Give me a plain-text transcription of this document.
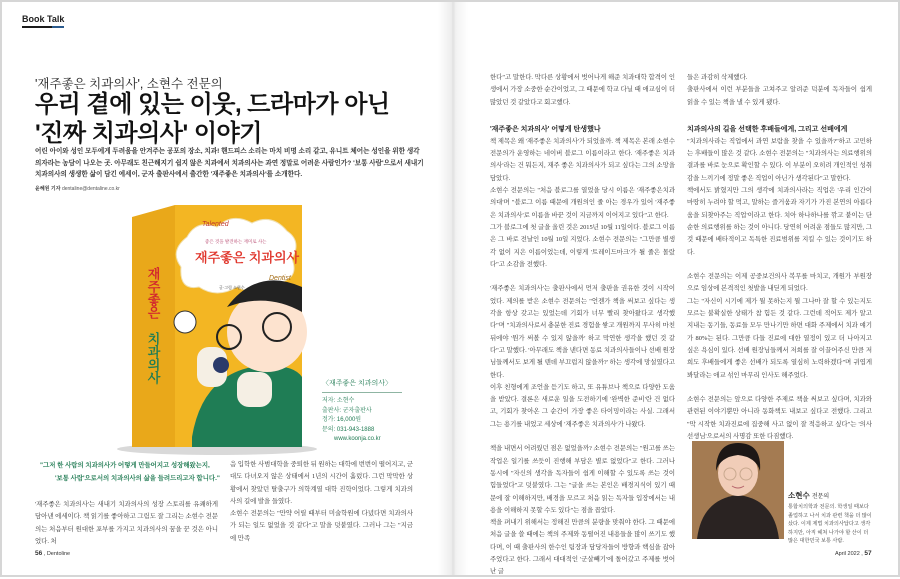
Book Talk
'재주좋은 치과의사', 소현수 전문의
우리 곁에 있는 이웃, 드라마가 아닌
'진짜 치과의사' 이야기
어린 아이와 성인 모두에게 두려움을 안겨주는 공포의 장소, 치과! 핸드피스 소리는 마치 비명 소리 같고, 유니트 체어는 성인을 위한 생각 의자라는 농담이 나오는 곳. 아무래도 친근해지기 쉽지 않은 치과에서 치과의사는 과연 정말로 어려운 사람인가? '보통 사람'으로서 새내기 치과의사의 생생한 삶이 담긴 에세이, 군자 출판사에서 출간한 '재주좋은 치과의사'를 소개한다.
윤혜원 기자 dentaline@dentaline.co.kr
재주좋은
치과의사
Talented
좋은 것을 발견하는 재미로 사는
재주좋은 치과의사
Dentist
글·그림 소현수
〈재주좋은 치과의사〉
저자: 소현수
출판사: 군자출판사
정가: 16,000원
문의: 031-943-1888
www.koonja.co.kr
"그저 한 사람의 치과의사가 어떻게 만들어지고 성장해왔는지,
'보통 사람'으로서의 치과의사의 삶을 들려드리고자 합니다."

'재주좋은 치과의사'는 새내기 치과의사의 성장 스토리를 유쾌하게 담아낸 에세이다. 책 읽기를 좋아하고 그림도 잘 그리는 소현수 전문의는 처음부터 원대한 포부를 가지고 치과의사의 꿈을 꾼 것은 아니었다. 처

음 입학한 사범대학을 중퇴한 뒤 원하는 대학에 번번이 떨어지고, 군대도 다녀오지 않은 상태에서 1년의 시간이 흘렀다. 그런 막막한 상황에서 찾았던 탈출구가 의학계열 대학 진학이었다. 그렇게 치과의사의 길에 발을 들였다.

소현수 전문의는 "만약 어릴 때부터 미술학원에 다녔다면 치과의사가 되는 일도 없었을 것 같다"고 말을 덧붙였다. 그러나 그는 "지금에 만족

56 , Dentoline

한다"고 말한다. 막다른 상황에서 벗어나게 해준 치과대학 합격이 인생에서 가장 소중한 순간이었고, 그 때문에 학교 다닐 때 애교심이 더 많았던 것 같았다고 회고했다.

'재주좋은 치과의사' 어떻게 탄생했나

책 제목은 왜 '재주좋은 치과의사'가 되었을까. 책 제목은 본래 소현수 전문의가 운영하는 네이버 블로그 이름이라고 한다. '재주좋은 치과의사'라는 건 뭐든지, 재주 좋은 치과의사가 되고 싶다는 그의 소망을 담았다.

소현수 전문의는 "처음 블로그를 열었을 당시 이름은 '재주좋은치과의대'며 "블로그 이름 때문에 개원의인 줄 아는 경우가 있어 '재주좋은 치과의사'로 이름을 바꾼 것이 지금까지 이어지고 있다"고 한다.

그가 블로그에 첫 글을 올린 것은 2015년 10월 11일이다. 블로그 이름은 그 바로 전날인 10월 10일 지었다. 소현수 전문의는 "그만큼 별생각 없이 지은 이름이었는데, 이렇게 '트레이드마크'가 될 줄은 몰랐다"고 소감을 전했다.

'재주좋은 치과의사'는 출판사에서 먼저 출판을 권유한 것이 시작이었다. 제의를 받은 소현수 전문의는 "언젠가 책을 써보고 싶다는 생각을 항상 갖고는 있었는데 기회가 너무 빨리 찾아왔다고 생각했다"며 "치과의사로서 충분한 진료 경험을 쌓고 개원까지 무사히 마친 뒤에야 '뭔가 써볼 수 있지 않을까' 하고 막연한 생각을 했던 것 같다"고 말했다. '아무래도 책을 낸다면 동료 치과의사들이나 선배 원장님들께서도 보게 될 텐데 부끄럽지 않을까?' 하는 생각에 망설였다고 한다.

이후 친형에게 조언을 듣기도 하고, 또 유튜브나 책으로 다양한 도움을 받았다. 결론은 새로운 일을 도전하기에 '완벽한 준비'란 건 없다고, 기회가 찾아온 그 순간이 가장 좋은 타이밍이라는 사실. 그래서 그는 용기를 내었고 세상에 '재주좋은 치과의사'가 나왔다.

책을 내면서 어려웠던 점은 없었을까? 소현수 전문의는 "원고를 쓰는 작업은 일기를 쓰듯이 진행해 부담은 별로 없었다"고 한다. 그러나 동시에 "자신의 생각을 독자들이 쉽게 이해할 수 있도록 쓰는 것이 힘들었다"고 덧붙였다. 그는 "글을 쓰는 본인은 배경지식이 있기 때문에 잘 이해하지만, 배경을 모르고 처음 읽는 독자들 입장에서는 내용을 이해하지 못할 수도 있다"는 점을 꼽았다.

책을 펴내기 위해서는 정해진 만큼의 분량을 맞춰야 한다. 그 때문에 처음 글을 쓸 때에는 책의 주제와 동떨어진 내용들을 많이 쓰기도 했다며, 이 때 출판사의 한수인 팀장과 담당자들이 방향과 핵심을 잡아주었다고 한다. 그래서 대대적인 '군살빼기'에 돌어갔고 주제를 벗어난 글

들은 과감히 삭제했다.

출판사에서 이런 부분들을 고쳐주고 알려준 덕분에 독자들이 쉽게 읽을 수 있는 책을 낼 수 있게 됐다.

치과의사의 길을 선택한 후배들에게, 그리고 선배에게

"치과의사라는 직업에서 과연 보람을 찾을 수 있을까?"하고 고민하는 후배들이 많은 것 같다. 소현수 전문의는 "치과의사는 의료행위의 결과를 바로 눈으로 확인할 수 있다. 이 부분이 오히려 개인적인 성취감을 느끼기에 정말 좋은 직업이 아닌가 생각된다"고 말한다.

책에서도 밝혔지만 그의 생각에 치과의사라는 직업은 '우리 인간이 마땅히 누려야 할 먹고, 말하는 즐거움과 자기가 가진 본연의 아름다움을 되찾아주는 직업'이라고 한다. 치아 하나하나를 깎고 붙이는 단순한 의료행위를 하는 것이 아니다. 당연히 어려운 점들도 많지만, 그것 때문에 배타적이고 독특한 진료범위를 지킬 수 있는 것이기도 하다.

소현수 전문의는 이제 공중보건의사 복무를 마치고, 개원가 부원장으로 임상에 본격적인 첫발을 내딛게 되었다.

그는 "자신이 시기에 제가 뭘 못하는지 뭘 그나마 잘 할 수 있는지도 모르는 불확실한 상태가 참 힘든 것 같다. 그런데 적어도 제가 알고 지내는 동기들, 동료들 모두 만나기만 하면 대화 주제에서 치과 얘기가 80%는 된다. 그만큼 다들 진료에 대한 열정이 있고 더 나아지고 싶은 욕심이 있다. 선배 원장님들께서 저희를 잘 이끌어주신 만큼 저희도 후배들에게 좋은 선배가 되도록 열심히 노력하겠다"며 귀엽게 봐달라는 애교 섞인 마무리 인사도 해주었다.

소현수 전문의는 앞으로 다양한 주제로 책을 써보고 싶다며, 치과와 관련된 이야기뿐만 아니라 동화책도 내보고 싶다고 전했다. 그리고 "막 시작한 치과진료에 집중해 사고 없이 잘 적응하고 싶다"는 '의사선생님'으로서의 사명감 또한 다짐했다.

소현수 전문의

통합치의학과 전문의. 학생일 때보다 졸업하고 나서 치과 관련 책을 더 많이 샀다. 이제 제법 치과의사답다고 생각하지만, 아직 헤쳐 나가야 할 산이 더 많은 대한민국 보통 사람.

April 2022 , 57
